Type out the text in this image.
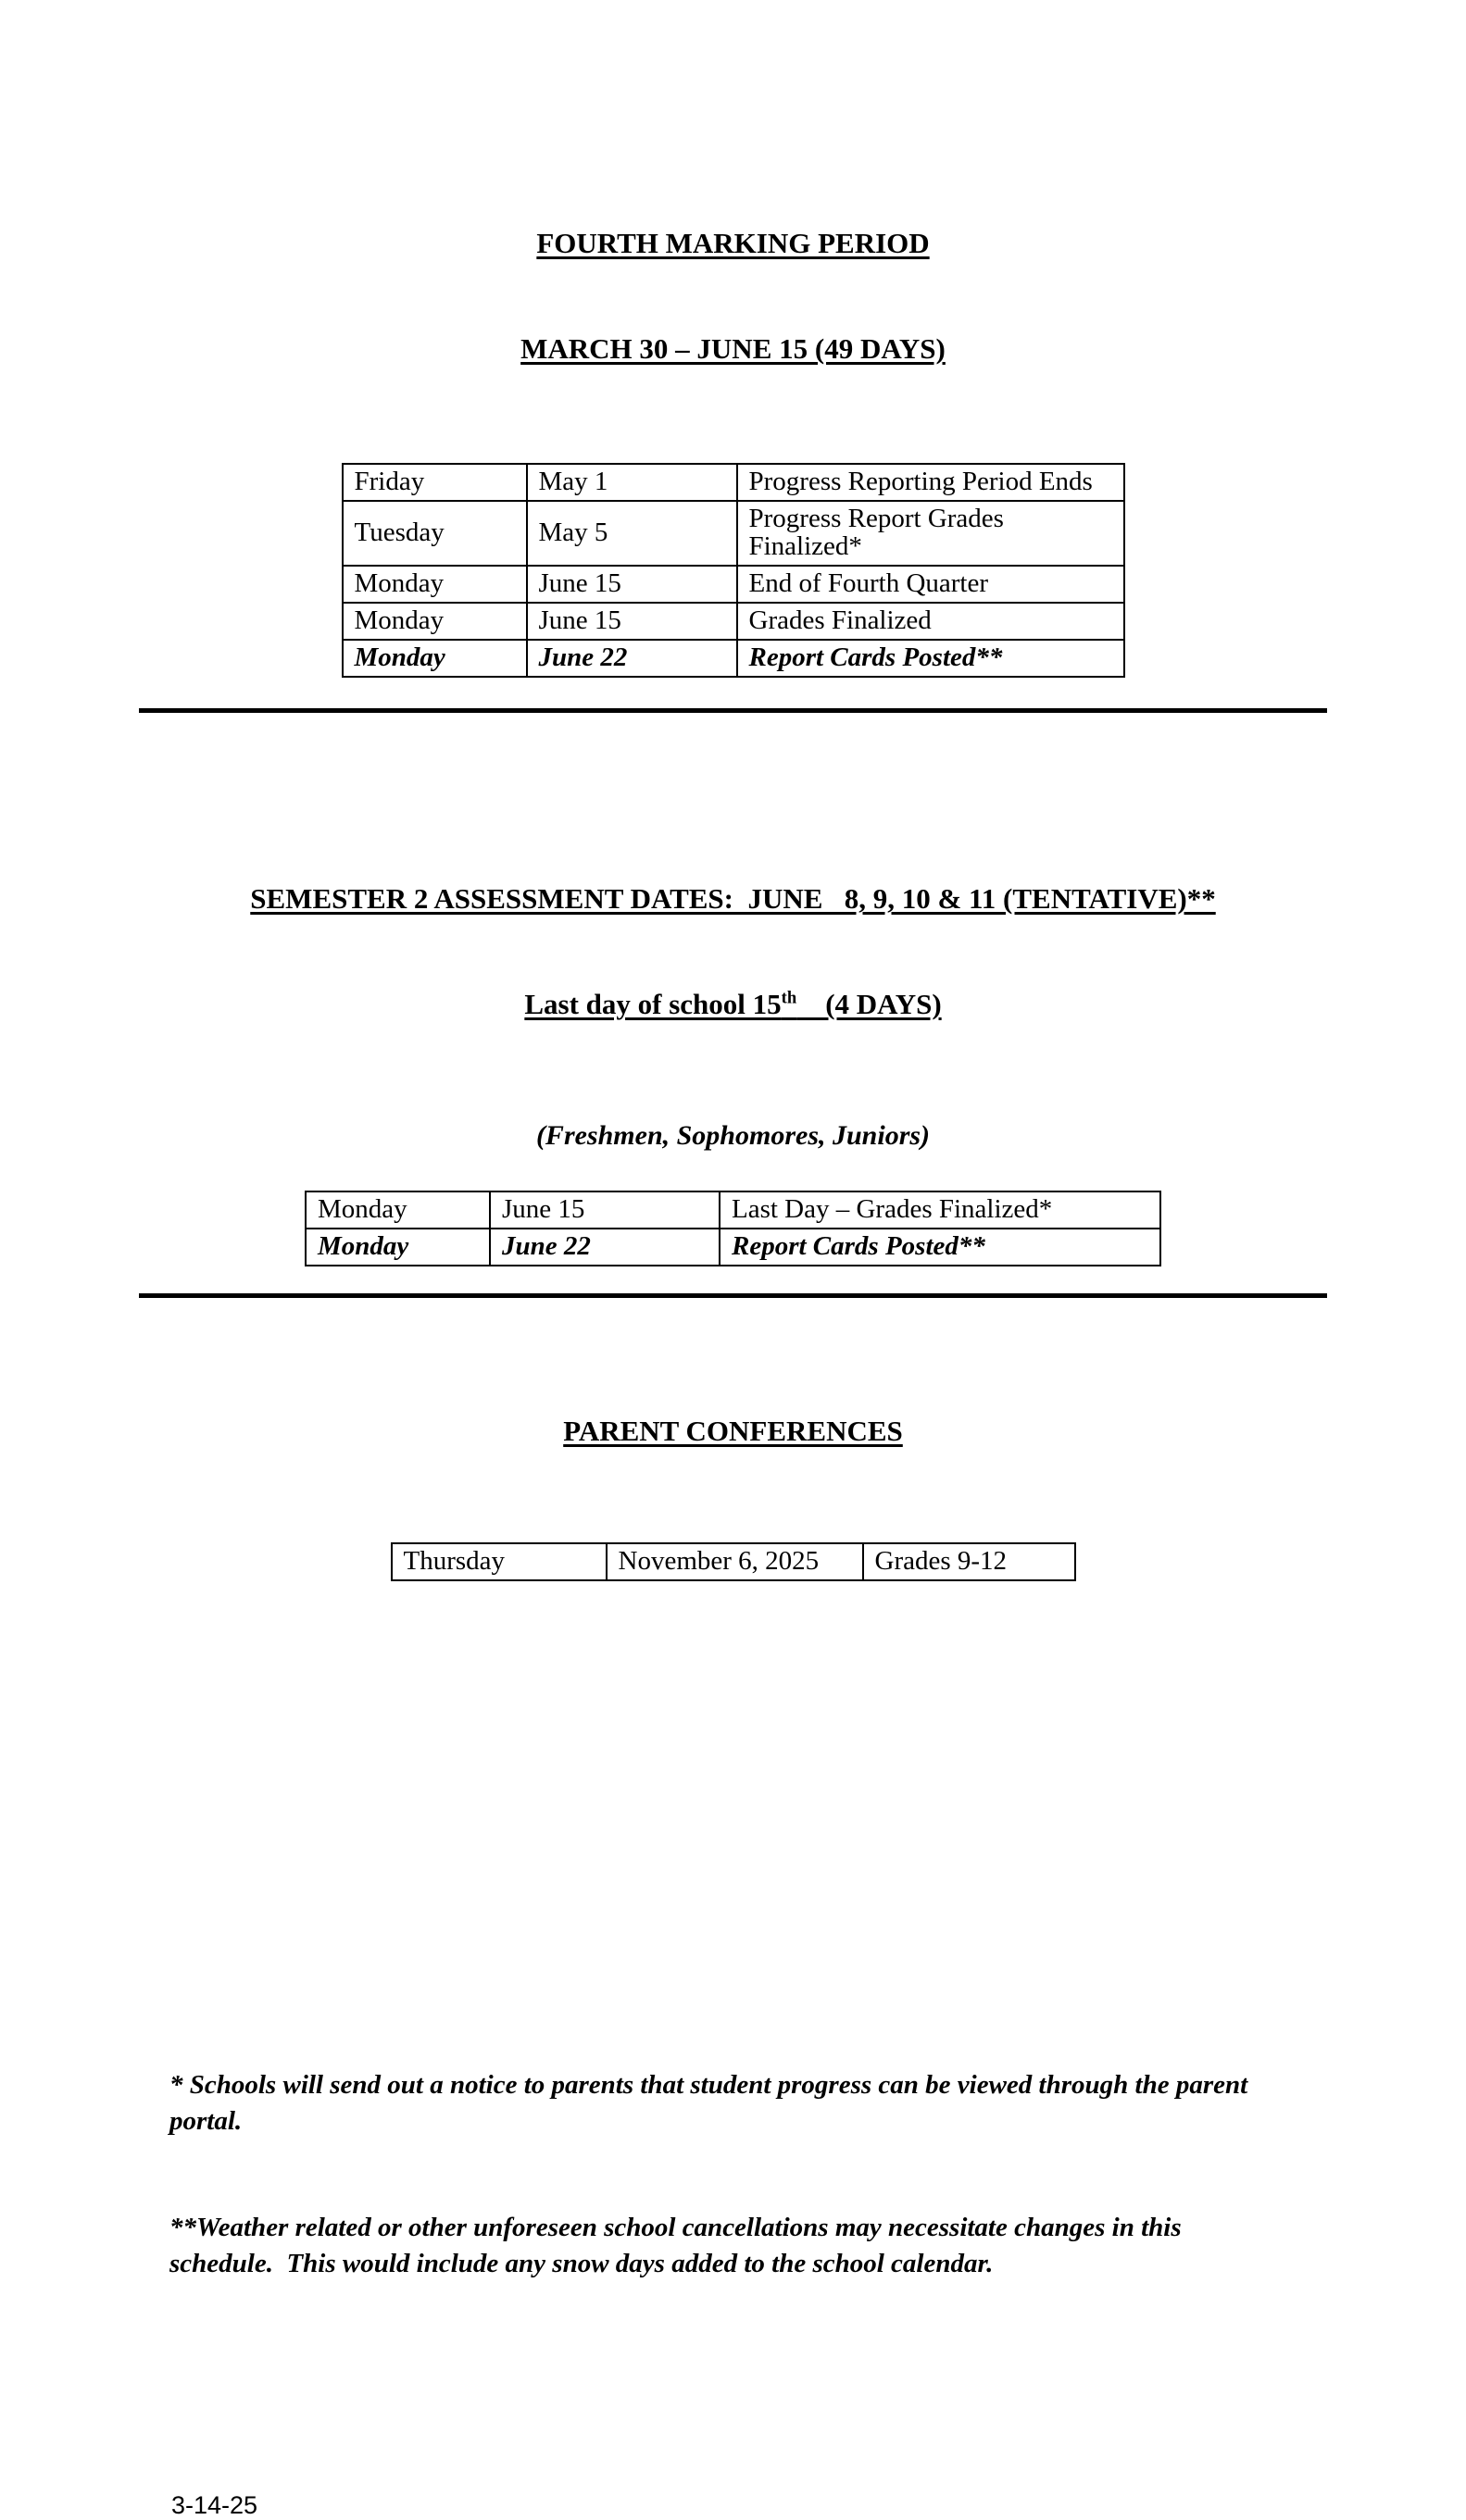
FOURTH MARKING PERIOD

MARCH 30 – JUNE 15 (49 DAYS)

Friday	May 1	Progress Reporting Period Ends
Tuesday	May 5	Progress Report Grades Finalized*
Monday	June 15	End of Fourth Quarter
Monday	June 15	Grades Finalized
Monday	June 22	Report Cards Posted**

SEMESTER 2 ASSESSMENT DATES:  JUNE   8, 9, 10 & 11 (TENTATIVE)**

Last day of school 15th    (4 DAYS)

(Freshmen, Sophomores, Juniors)
Monday	June 15	Last Day – Grades Finalized*
Monday	June 22	Report Cards Posted**

PARENT CONFERENCES

Thursday	November 6, 2025	Grades 9-12

* Schools will send out a notice to parents that student progress can be viewed through the parent portal.

**Weather related or other unforeseen school cancellations may necessitate changes in this schedule.  This would include any snow days added to the school calendar.

3-14-25
